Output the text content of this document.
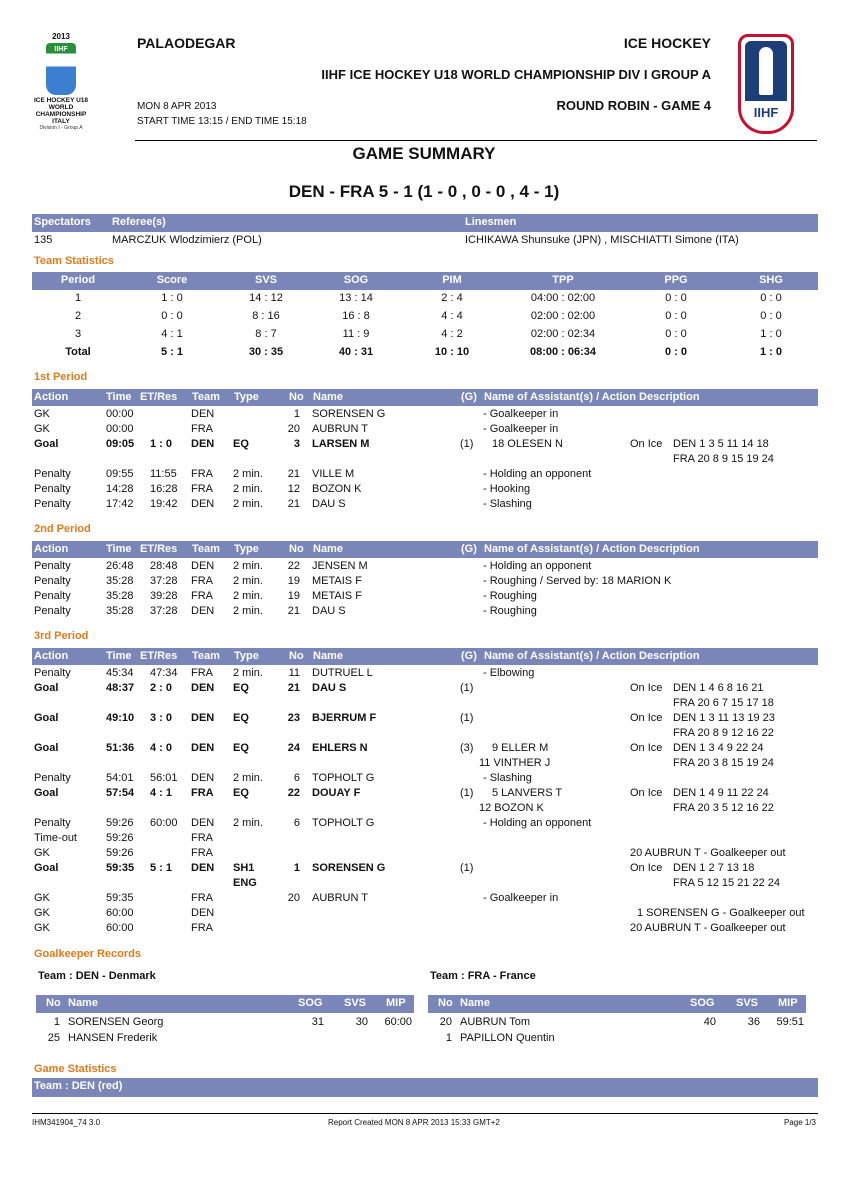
2013
IIHF
ICE HOCKEY U18 WORLD CHAMPIONSHIP ITALY
Division I - Group A
IIHF
PALAODEGAR	ICE HOCKEY
IIHF ICE HOCKEY U18 WORLD CHAMPIONSHIP DIV I GROUP A
MON 8 APR 2013	ROUND ROBIN - GAME 4
START TIME 13:15 / END TIME 15:18
GAME SUMMARY
DEN - FRA 5 - 1 (1 - 0 , 0 - 0 , 4 - 1)
Spectators Referee(s)	Linesmen
135	MARCZUK Wlodzimierz (POL)	ICHIKAWA Shunsuke (JPN) , MISCHIATTI Simone (ITA)
Team Statistics
Period	Score	SVS	SOG	PIM	TPP	PPG	SHG
1	1 : 0	14 : 12	13 : 14	2 : 4	04:00 : 02:00	0 : 0	0 : 0
2	0 : 0	8 : 16	16 : 8	4 : 4	02:00 : 02:00	0 : 0	0 : 0
3	4 : 1	8 : 7	11 : 9	4 : 2	02:00 : 02:34	0 : 0	1 : 0
Total	5 : 1	30 : 35	40 : 31	10 : 10	08:00 : 06:34	0 : 0	1 : 0
1st Period
Action	Time ET/Res Team Type	No Name	(G) Name of Assistant(s) / Action Description
GK	00:00	DEN	1 SORENSEN G	- Goalkeeper in
GK	00:00	FRA	20 AUBRUN T	- Goalkeeper in
Goal	09:05 1 : 0 DEN EQ	3 LARSEN M	(1) 18 OLESEN N	On Ice DEN 1 3 5 11 14 18
FRA 20 8 9 15 19 24
Penalty	09:55 11:55 FRA 2 min.	21 VILLE M	- Holding an opponent
Penalty	14:28 16:28 FRA 2 min.	12 BOZON K	- Hooking
Penalty	17:42 19:42 DEN 2 min.	21 DAU S	- Slashing
2nd Period
Action	Time ET/Res Team Type	No Name	(G) Name of Assistant(s) / Action Description
Penalty	26:48 28:48 DEN 2 min.	22 JENSEN M	- Holding an opponent
Penalty	35:28 37:28 FRA 2 min.	19 METAIS F	- Roughing / Served by: 18 MARION K
Penalty	35:28 39:28 FRA 2 min.	19 METAIS F	- Roughing
Penalty	35:28 37:28 DEN 2 min.	21 DAU S	- Roughing
3rd Period
Action	Time ET/Res Team Type	No Name	(G) Name of Assistant(s) / Action Description
Penalty	45:34 47:34 FRA 2 min.	11 DUTRUEL L	- Elbowing
Goal	48:37 2 : 0 DEN EQ	21 DAU S	(1)	On Ice DEN 1 4 6 8 16 21
FRA 20 6 7 15 17 18
Goal	49:10 3 : 0 DEN EQ	23 BJERRUM F	(1)	On Ice DEN 1 3 11 13 19 23
FRA 20 8 9 12 16 22
Goal	51:36 4 : 0 DEN EQ	24 EHLERS N	(3) 9 ELLER M	On Ice DEN 1 3 4 9 22 24
11 VINTHER J	FRA 20 3 8 15 19 24
Penalty	54:01 56:01 DEN 2 min.	6 TOPHOLT G	- Slashing
Goal	57:54 4 : 1 FRA EQ	22 DOUAY F	(1) 5 LANVERS T	On Ice DEN 1 4 9 11 22 24
12 BOZON K	FRA 20 3 5 12 16 22
Penalty	59:26 60:00 DEN 2 min.	6 TOPHOLT G	- Holding an opponent
Time-out	59:26	FRA
GK	59:26	FRA	20 AUBRUN T - Goalkeeper out
Goal	59:35 5 : 1 DEN SH1	1 SORENSEN G	(1)	On Ice DEN 1 2 7 13 18
ENG	FRA 5 12 15 21 22 24
GK	59:35	FRA	20 AUBRUN T	- Goalkeeper in
GK	60:00	DEN	1 SORENSEN G - Goalkeeper out
GK	60:00	FRA	20 AUBRUN T - Goalkeeper out
Goalkeeper Records
Team : DEN - Denmark
No Name	SOG SVS MIP
1 SORENSEN Georg	31	30	60:00
25 HANSEN Frederik
Team : FRA - France
No Name	SOG SVS MIP
20 AUBRUN Tom	40	36	59:51
1 PAPILLON Quentin
Game Statistics
Team : DEN (red)
IHM341904_74 3.0	Report Created MON 8 APR 2013 15:33 GMT+2	Page 1/3
